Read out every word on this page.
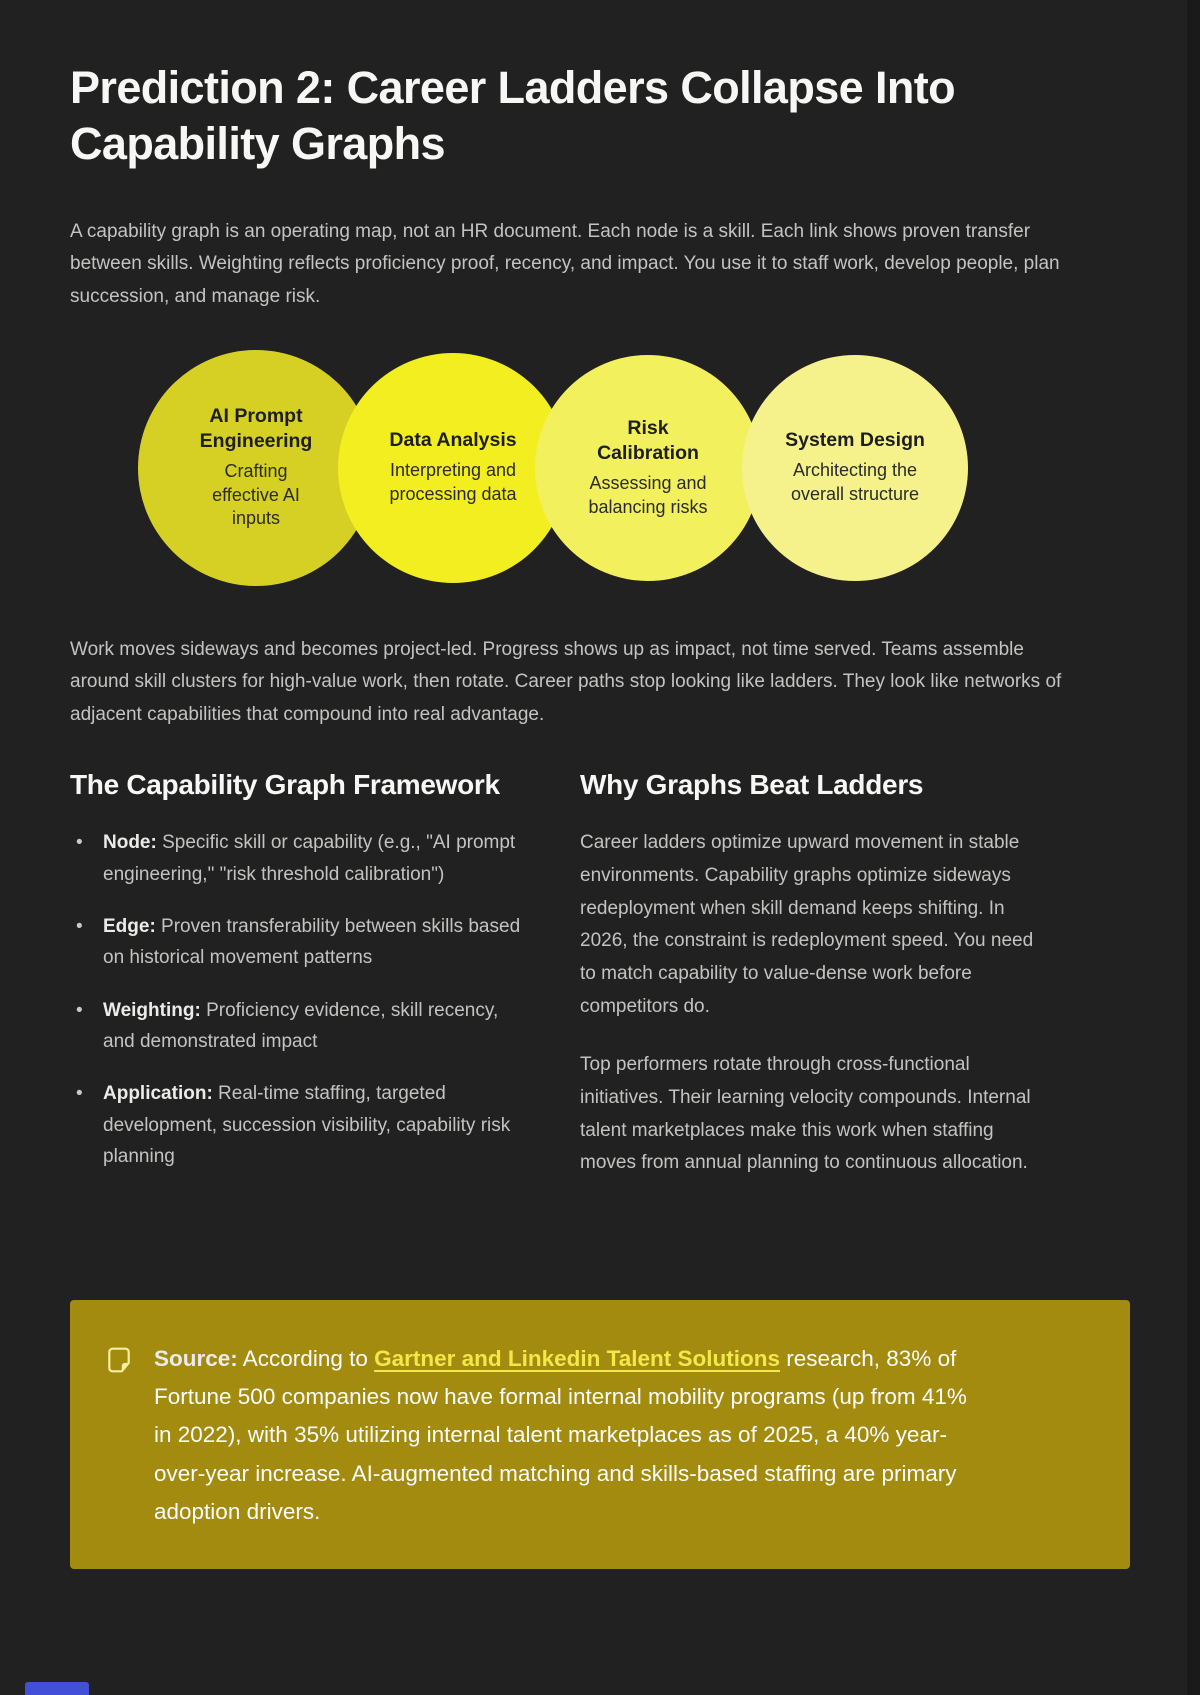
Prediction 2: Career Ladders Collapse Into Capability Graphs

A capability graph is an operating map, not an HR document. Each node is a skill. Each link shows proven transfer between skills. Weighting reflects proficiency proof, recency, and impact. You use it to staff work, develop people, plan succession, and manage risk.

AI Prompt Engineering
Crafting effective AI inputs
Data Analysis
Interpreting and processing data
Risk Calibration
Assessing and balancing risks
System Design
Architecting the overall structure

Work moves sideways and becomes project-led. Progress shows up as impact, not time served. Teams assemble around skill clusters for high-value work, then rotate. Career paths stop looking like ladders. They look like networks of adjacent capabilities that compound into real advantage.

The Capability Graph Framework
• Node: Specific skill or capability (e.g., "AI prompt engineering," "risk threshold calibration")
• Edge: Proven transferability between skills based on historical movement patterns
• Weighting: Proficiency evidence, skill recency, and demonstrated impact
• Application: Real-time staffing, targeted development, succession visibility, capability risk planning
Why Graphs Beat Ladders

Career ladders optimize upward movement in stable environments. Capability graphs optimize sideways redeployment when skill demand keeps shifting. In 2026, the constraint is redeployment speed. You need to match capability to value-dense work before competitors do.

Top performers rotate through cross-functional initiatives. Their learning velocity compounds. Internal talent marketplaces make this work when staffing moves from annual planning to continuous allocation.

Source: According to Gartner and Linkedin Talent Solutions research, 83% of Fortune 500 companies now have formal internal mobility programs (up from 41% in 2022), with 35% utilizing internal talent marketplaces as of 2025, a 40% year-over-year increase. AI-augmented matching and skills-based staffing are primary adoption drivers.
